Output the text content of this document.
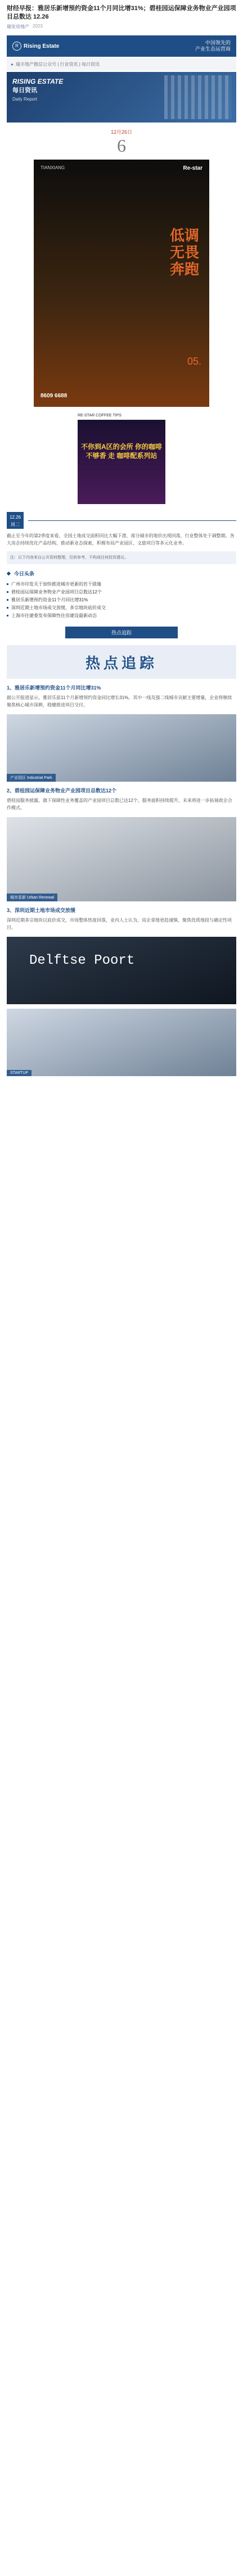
财经早报：雅居乐新增预约资金11个月同比增31%；碧桂园运保障业务物业产业园项目总数达 12.26
瑞安房地产 2023
R Rising Estate
中国领先的
产业生态运营商
▸ 瑞丰地产微信公众号 | 行业资讯 | 每日资讯
RISING ESTATE
每日资讯
Daily Report
12月26日
6
TIANXIANG	Re-star
低调 无畏 奔跑
05.
8609 6688
RE-STAR COFFEE TIPS
不你到A区的会所 你的咖啡不够香 走 咖啡配系列站
12.26 周二

截止至今年的第2季度来看，全国土地成交面积同比大幅下滑，部分城市的地价出现回落，行业整体处于调整期。各大房企持续优化产品结构，推动新业态探索，积极布局产业园区、文旅项目等多元化业务。

注：以下内容来自公开资料整理，仅供参考，不构成任何投资建议。
◆ 今日头条
广州市印发关于加快推进城市更新的若干措施
碧桂园运保障业务物业产业园项目总数达12个
雅居乐新增预约资金11个月同比增31%
深圳近期土地市场成交放缓，多宗地块底价成交
上海市住建委发布保障性住房建设最新动态
热点追踪
热点追踪
1、雅居乐新增预约资金11个月同比增31%

据公开报道显示，雅居乐前11个月新增预约资金同比增长31%，其中一线及强二线城市贡献主要增量，企业将继续聚焦核心城市深耕，稳健推进项目交付。

产业园区 Industrial Park
2、碧桂园运保障业务物业产业园项目总数达12个

碧桂园服务披露，旗下保障性业务覆盖的产业园项目总数已达12个，服务面积持续提升，未来将进一步拓展政企合作模式。

城市更新 Urban Renewal
3、深圳近期土地市场成交放缓

深圳近期多宗地块以底价成交，市场整体热度回落，业内人士认为，房企拿地更趋谨慎，聚焦优质地段与确定性项目。

Delftse Poort
STARTUP
